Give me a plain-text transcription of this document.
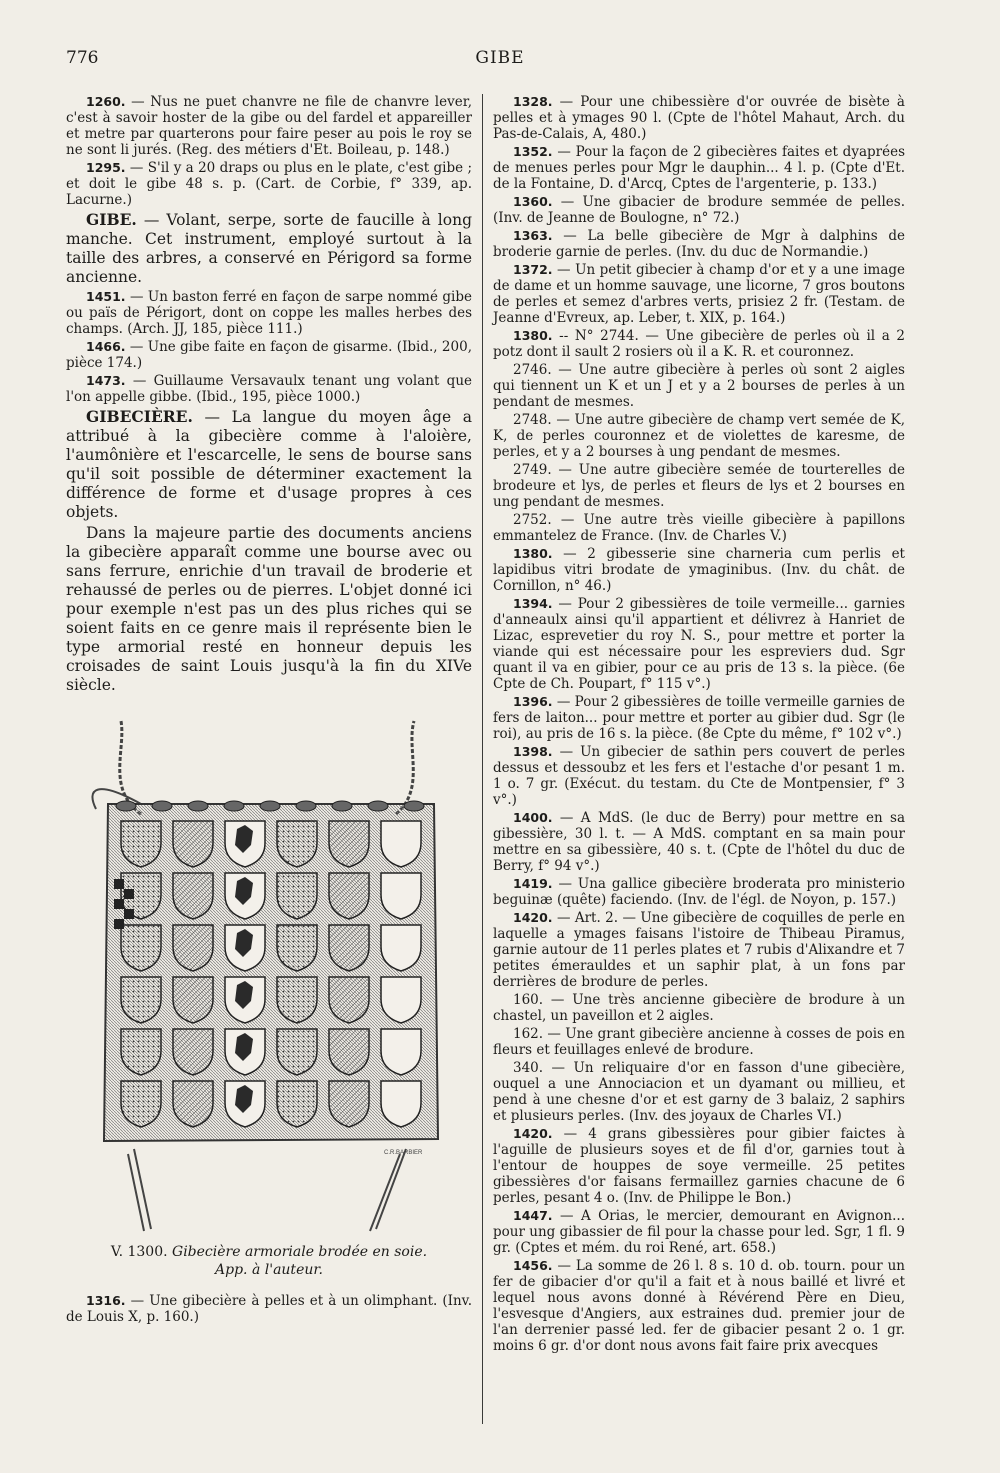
776	GIBE

1260. — Nus ne puet chanvre ne file de chanvre lever, c'est à savoir hoster de la gibe ou del fardel et appareiller et metre par quarterons pour faire peser au pois le roy se ne sont li jurés. (Reg. des métiers d'Et. Boileau, p. 148.)

1295. — S'il y a 20 draps ou plus en le plate, c'est gibe ; et doit le gibe 48 s. p. (Cart. de Corbie, f° 339, ap. Lacurne.)

GIBE. — Volant, serpe, sorte de faucille à long manche. Cet instrument, employé surtout à la taille des arbres, a conservé en Périgord sa forme ancienne.

1451. — Un baston ferré en façon de sarpe nommé gibe ou païs de Périgort, dont on coppe les malles herbes des champs. (Arch. JJ, 185, pièce 111.)

1466. — Une gibe faite en façon de gisarme. (Ibid., 200, pièce 174.)

1473. — Guillaume Versavaulx tenant ung volant que l'on appelle gibbe. (Ibid., 195, pièce 1000.)

GIBECIÈRE. — La langue du moyen âge a attribué à la gibecière comme à l'aloière, l'aumônière et l'escarcelle, le sens de bourse sans qu'il soit possible de déterminer exactement la différence de forme et d'usage propres à ces objets.

Dans la majeure partie des documents anciens la gibecière apparaît comme une bourse avec ou sans ferrure, enrichie d'un travail de broderie et rehaussé de perles ou de pierres. L'objet donné ici pour exemple n'est pas un des plus riches qui se soient faits en ce genre mais il représente bien le type armorial resté en honneur depuis les croisades de saint Louis jusqu'à la fin du XIVe siècle.

C.R.BARBIER
V. 1300. Gibecière armoriale brodée en soie.
App. à l'auteur.

1316. — Une gibecière à pelles et à un olimphant. (Inv. de Louis X, p. 160.)

1328. — Pour une chibessière d'or ouvrée de bisète à pelles et à ymages 90 l. (Cpte de l'hôtel Mahaut, Arch. du Pas-de-Calais, A, 480.)

1352. — Pour la façon de 2 gibecières faites et dyaprées de menues perles pour Mgr le dauphin... 4 l. p. (Cpte d'Et. de la Fontaine, D. d'Arcq, Cptes de l'argenterie, p. 133.)

1360. — Une gibacier de brodure semmée de pelles. (Inv. de Jeanne de Boulogne, n° 72.)

1363. — La belle gibecière de Mgr à dalphins de broderie garnie de perles. (Inv. du duc de Normandie.)

1372. — Un petit gibecier à champ d'or et y a une image de dame et un homme sauvage, une licorne, 7 gros boutons de perles et semez d'arbres verts, prisiez 2 fr. (Testam. de Jeanne d'Evreux, ap. Leber, t. XIX, p. 164.)

1380. -- N° 2744. — Une gibecière de perles où il a 2 potz dont il sault 2 rosiers où il a K. R. et couronnez.

2746. — Une autre gibecière à perles où sont 2 aigles qui tiennent un K et un J et y a 2 bourses de perles à un pendant de mesmes.

2748. — Une autre gibecière de champ vert semée de K, K, de perles couronnez et de violettes de karesme, de perles, et y a 2 bourses à ung pendant de mesmes.

2749. — Une autre gibecière semée de tourterelles de brodeure et lys, de perles et fleurs de lys et 2 bourses en ung pendant de mesmes.

2752. — Une autre très vieille gibecière à papillons emmantelez de France. (Inv. de Charles V.)

1380. — 2 gibesserie sine charneria cum perlis et lapidibus vitri brodate de ymaginibus. (Inv. du chât. de Cornillon, n° 46.)

1394. — Pour 2 gibessières de toile vermeille... garnies d'anneaulx ainsi qu'il appartient et délivrez à Hanriet de Lizac, esprevetier du roy N. S., pour mettre et porter la viande qui est nécessaire pour les espreviers dud. Sgr quant il va en gibier, pour ce au pris de 13 s. la pièce. (6e Cpte de Ch. Poupart, f° 115 v°.)

1396. — Pour 2 gibessières de toille vermeille garnies de fers de laiton... pour mettre et porter au gibier dud. Sgr (le roi), au pris de 16 s. la pièce. (8e Cpte du même, f° 102 v°.)

1398. — Un gibecier de sathin pers couvert de perles dessus et dessoubz et les fers et l'estache d'or pesant 1 m. 1 o. 7 gr. (Exécut. du testam. du Cte de Montpensier, f° 3 v°.)

1400. — A MdS. (le duc de Berry) pour mettre en sa gibessière, 30 l. t. — A MdS. comptant en sa main pour mettre en sa gibessière, 40 s. t. (Cpte de l'hôtel du duc de Berry, f° 94 v°.)

1419. — Una gallice gibecière broderata pro ministerio beguinæ (quête) faciendo. (Inv. de l'égl. de Noyon, p. 157.)

1420. — Art. 2. — Une gibecière de coquilles de perle en laquelle a ymages faisans l'istoire de Thibeau Piramus, garnie autour de 11 perles plates et 7 rubis d'Alixandre et 7 petites émerauldes et un saphir plat, à un fons par derrières de brodure de perles.

160. — Une très ancienne gibecière de brodure à un chastel, un paveillon et 2 aigles.

162. — Une grant gibecière ancienne à cosses de pois en fleurs et feuillages enlevé de brodure.

340. — Un reliquaire d'or en fasson d'une gibecière, ouquel a une Annociacion et un dyamant ou millieu, et pend à une chesne d'or et est garny de 3 balaiz, 2 saphirs et plusieurs perles. (Inv. des joyaux de Charles VI.)

1420. — 4 grans gibessières pour gibier faictes à l'aguille de plusieurs soyes et de fil d'or, garnies tout à l'entour de houppes de soye vermeille. 25 petites gibessières d'or faisans fermaillez garnies chacune de 6 perles, pesant 4 o. (Inv. de Philippe le Bon.)

1447. — A Orias, le mercier, demourant en Avignon... pour ung gibassier de fil pour la chasse pour led. Sgr, 1 fl. 9 gr. (Cptes et mém. du roi René, art. 658.)

1456. — La somme de 26 l. 8 s. 10 d. ob. tourn. pour un fer de gibacier d'or qu'il a fait et à nous baillé et livré et lequel nous avons donné à Révérend Père en Dieu, l'esvesque d'Angiers, aux estraines dud. premier jour de l'an derrenier passé led. fer de gibacier pesant 2 o. 1 gr. moins 6 gr. d'or dont nous avons fait faire prix avecques
